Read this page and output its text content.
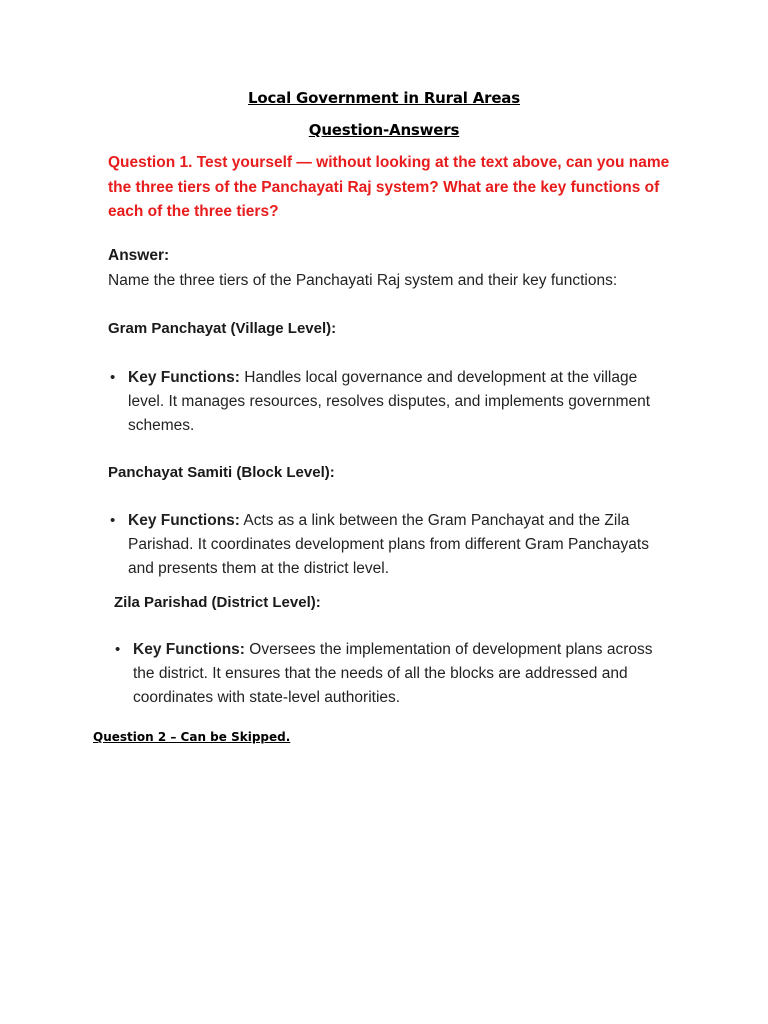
Local Government in Rural Areas
Question-Answers
Question 1. Test yourself — without looking at the text above, can you name the three tiers of the Panchayati Raj system? What are the key functions of each of the three tiers?
Answer:
Name the three tiers of the Panchayati Raj system and their key functions:
Gram Panchayat (Village Level):
• Key Functions: Handles local governance and development at the village level. It manages resources, resolves disputes, and implements government schemes.
Panchayat Samiti (Block Level):
• Key Functions: Acts as a link between the Gram Panchayat and the Zila Parishad. It coordinates development plans from different Gram Panchayats and presents them at the district level.
Zila Parishad (District Level):
• Key Functions: Oversees the implementation of development plans across the district. It ensures that the needs of all the blocks are addressed and coordinates with state-level authorities.
Question 2 – Can be Skipped.
